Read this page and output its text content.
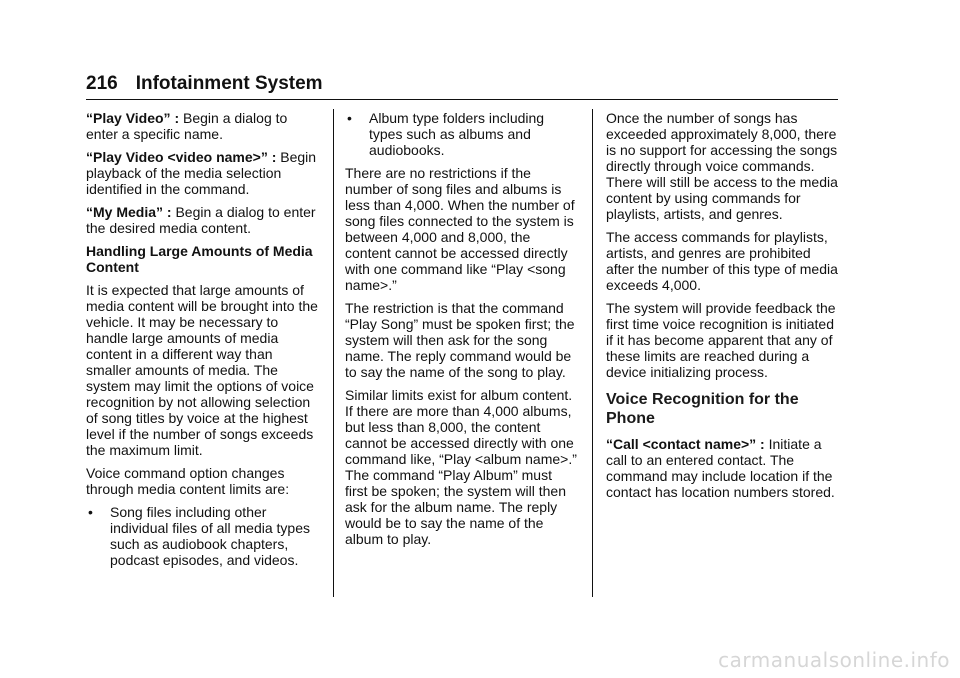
216 Infotainment System

“Play Video” : Begin a dialog to enter a specific name.

“Play Video <video name>” : Begin playback of the media selection identified in the command.

“My Media” : Begin a dialog to enter the desired media content.

Handling Large Amounts of Media Content

It is expected that large amounts of media content will be brought into the vehicle. It may be necessary to handle large amounts of media content in a different way than smaller amounts of media. The system may limit the options of voice recognition by not allowing selection of song titles by voice at the highest level if the number of songs exceeds the maximum limit.

Voice command option changes through media content limits are:

• Song files including other individual files of all media types such as audiobook chapters, podcast episodes, and videos.
• Album type folders including types such as albums and audiobooks.

There are no restrictions if the number of song files and albums is less than 4,000. When the number of song files connected to the system is between 4,000 and 8,000, the content cannot be accessed directly with one command like “Play <song name>.”

The restriction is that the command “Play Song” must be spoken first; the system will then ask for the song name. The reply command would be to say the name of the song to play.

Similar limits exist for album content. If there are more than 4,000 albums, but less than 8,000, the content cannot be accessed directly with one command like, “Play <album name>.” The command “Play Album” must first be spoken; the system will then ask for the album name. The reply would be to say the name of the album to play.

Once the number of songs has exceeded approximately 8,000, there is no support for accessing the songs directly through voice commands. There will still be access to the media content by using commands for playlists, artists, and genres.

The access commands for playlists, artists, and genres are prohibited after the number of this type of media exceeds 4,000.

The system will provide feedback the first time voice recognition is initiated if it has become apparent that any of these limits are reached during a device initializing process.

Voice Recognition for the Phone

“Call <contact name>” : Initiate a call to an entered contact. The command may include location if the contact has location numbers stored.

carmanualsonline.info
